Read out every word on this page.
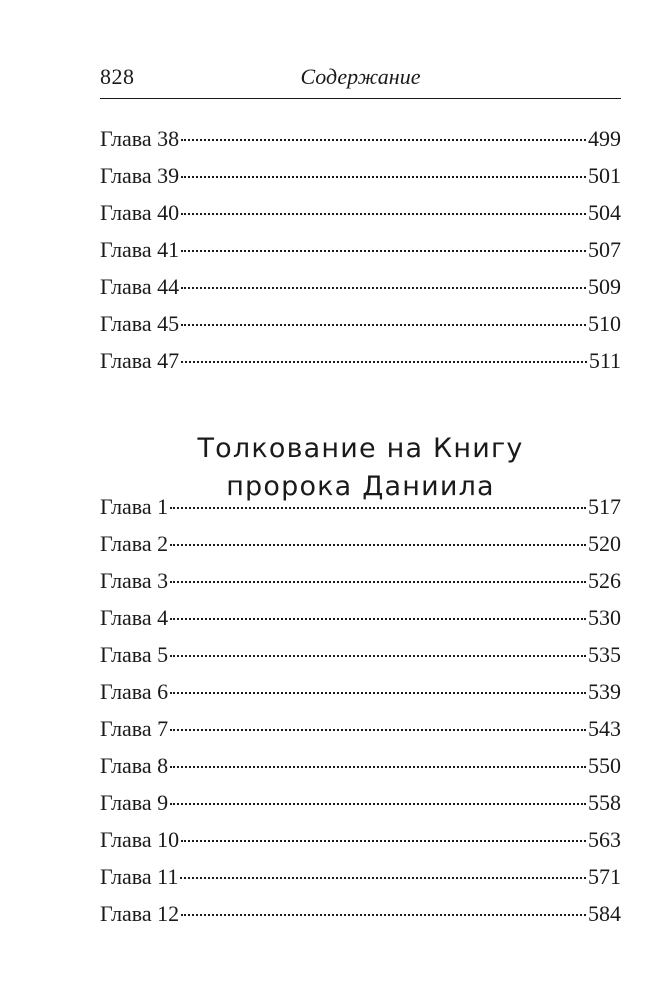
828	Содержание
Глава 38	499
Глава 39	501
Глава 40	504
Глава 41	507
Глава 44	509
Глава 45	510
Глава 47	511
Толкование на Книгу
пророка Даниила
Глава 1	517
Глава 2	520
Глава 3	526
Глава 4	530
Глава 5	535
Глава 6	539
Глава 7	543
Глава 8	550
Глава 9	558
Глава 10	563
Глава 11	571
Глава 12	584
